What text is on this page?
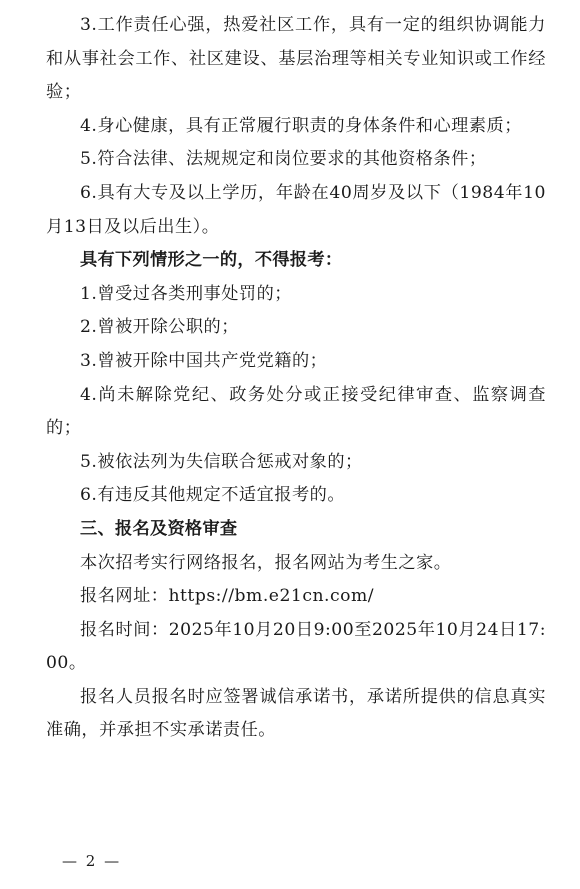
3.工作责任心强，热爱社区工作，具有一定的组织协调能力和从事社会工作、社区建设、基层治理等相关专业知识或工作经验；

4.身心健康，具有正常履行职责的身体条件和心理素质；

5.符合法律、法规规定和岗位要求的其他资格条件；

6.具有大专及以上学历，年龄在40周岁及以下（1984年10月13日及以后出生）。

具有下列情形之一的，不得报考：

1.曾受过各类刑事处罚的；

2.曾被开除公职的；

3.曾被开除中国共产党党籍的；

4.尚未解除党纪、政务处分或正接受纪律审查、监察调查的；

5.被依法列为失信联合惩戒对象的；

6.有违反其他规定不适宜报考的。

三、报名及资格审查

本次招考实行网络报名，报名网站为考生之家。

报名网址：https://bm.e21cn.com/

报名时间：2025年10月20日9:00至2025年10月24日17:00。

报名人员报名时应签署诚信承诺书，承诺所提供的信息真实准确，并承担不实承诺责任。

— 2 —
